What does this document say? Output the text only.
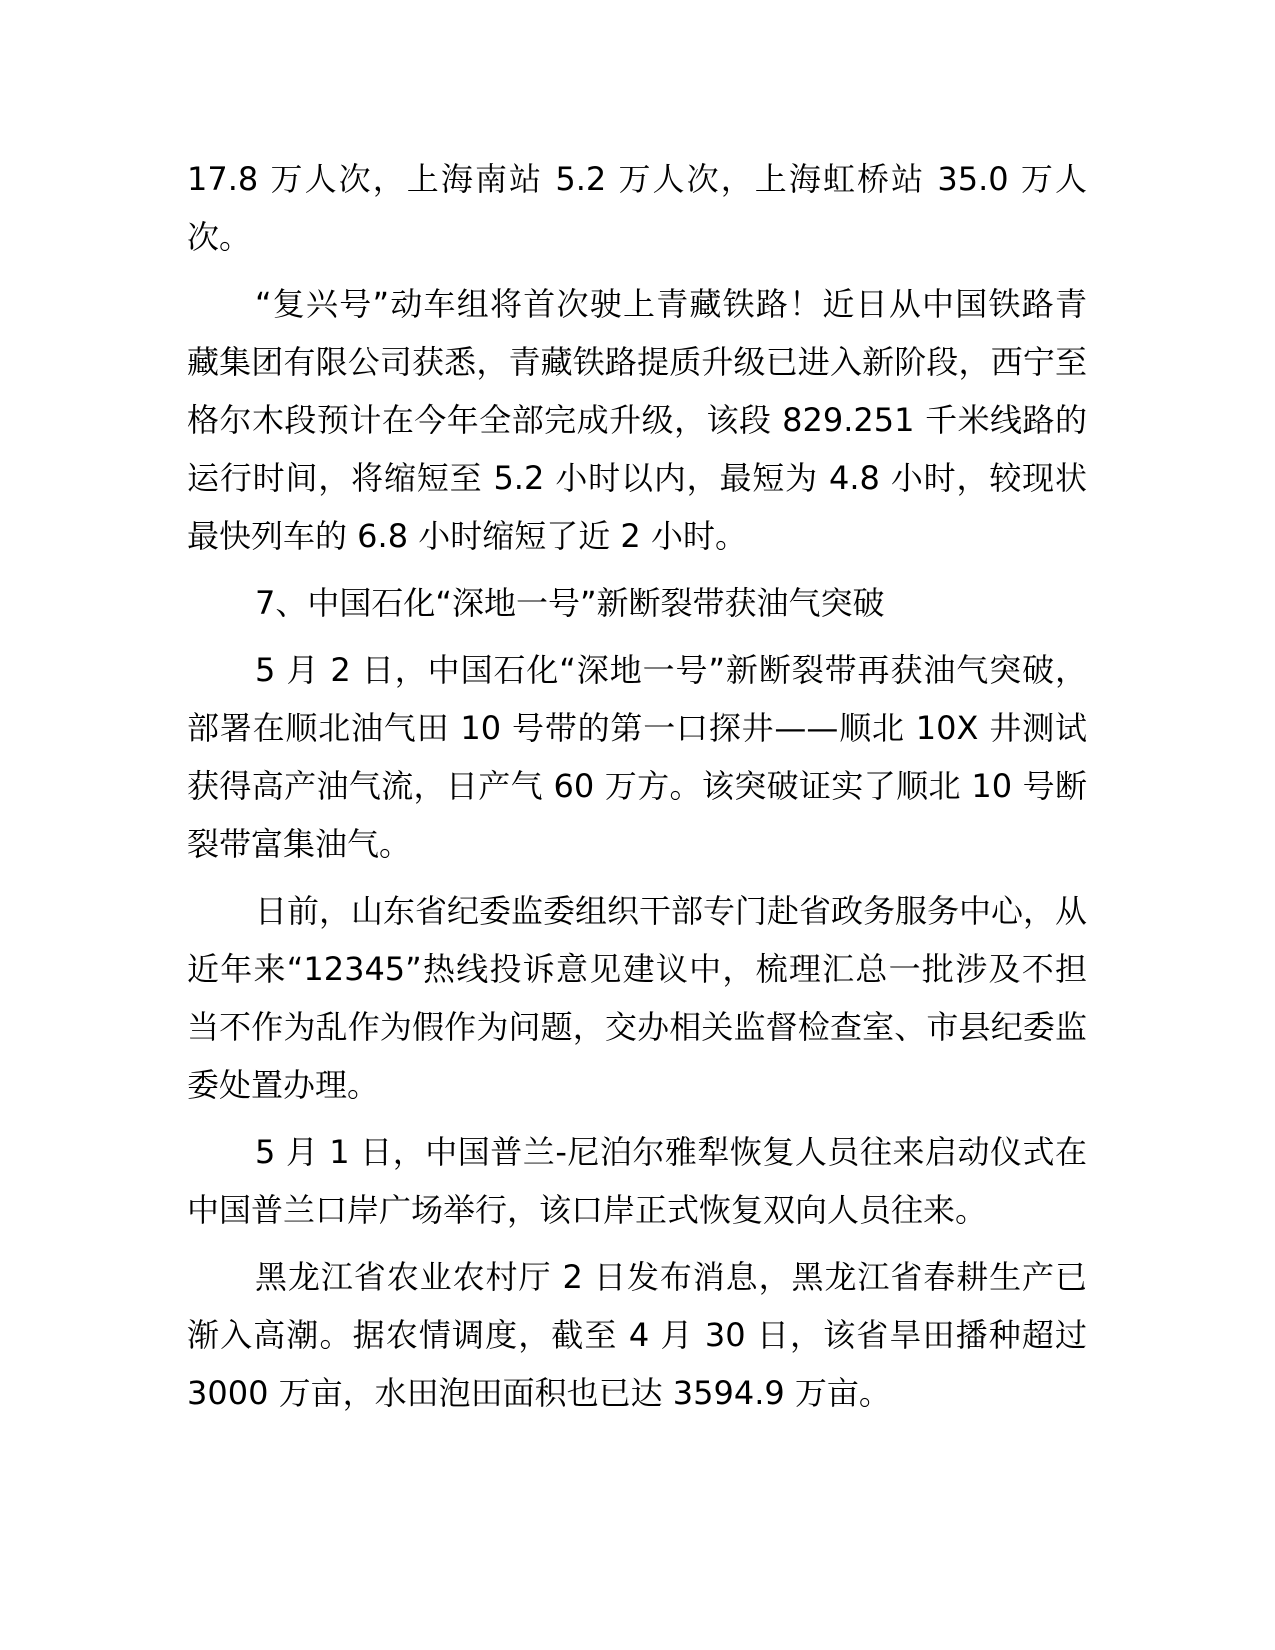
17.8 万人次，上海南站 5.2 万人次，上海虹桥站 35.0 万人次。

“复兴号”动车组将首次驶上青藏铁路！近日从中国铁路青藏集团有限公司获悉，青藏铁路提质升级已进入新阶段，西宁至格尔木段预计在今年全部完成升级，该段 829.251 千米线路的运行时间，将缩短至 5.2 小时以内，最短为 4.8 小时，较现状最快列车的 6.8 小时缩短了近 2 小时。

7、中国石化“深地一号”新断裂带获油气突破

5 月 2 日，中国石化“深地一号”新断裂带再获油气突破，部署在顺北油气田 10 号带的第一口探井——顺北 10X 井测试获得高产油气流，日产气 60 万方。该突破证实了顺北 10 号断裂带富集油气。

日前，山东省纪委监委组织干部专门赴省政务服务中心，从近年来“12345”热线投诉意见建议中，梳理汇总一批涉及不担当不作为乱作为假作为问题，交办相关监督检查室、市县纪委监委处置办理。

5 月 1 日，中国普兰-尼泊尔雅犁恢复人员往来启动仪式在中国普兰口岸广场举行，该口岸正式恢复双向人员往来。

黑龙江省农业农村厅 2 日发布消息，黑龙江省春耕生产已渐入高潮。据农情调度，截至 4 月 30 日，该省旱田播种超过 3000 万亩，水田泡田面积也已达 3594.9 万亩。
